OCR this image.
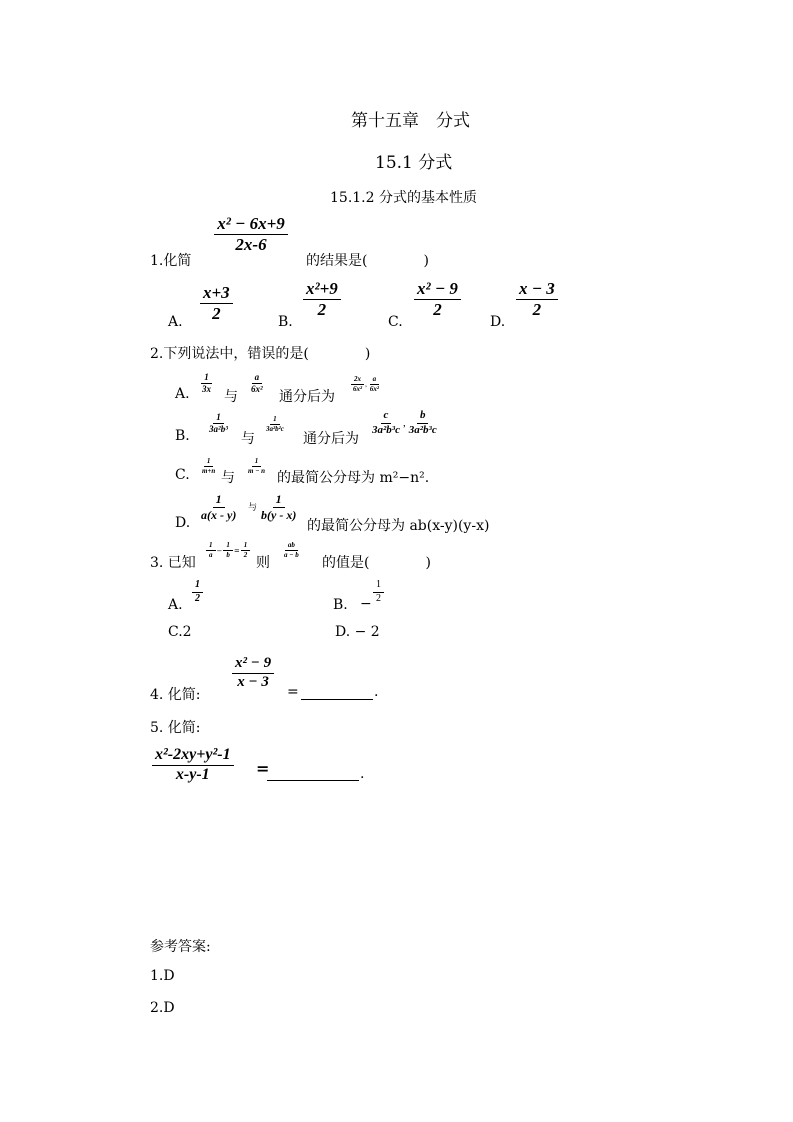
第十五章　分式
15.1 分式
15.1.2 分式的基本性质
1.化简
$\frac{\text{x² − 6x+9}}{2x-6}$
的结果是(　　　　)
A. $\frac{x+3}{2}$	B.
$\frac{\text{x²+9}}{2}$
C.
$\frac{\text{x² − 9}}{2}$
D.
$\frac{x - 3}{2}$
2.下列说法中，错误的是(　　　　)
A. $\frac{1}{3x}$
与
$\frac{a}{\text{6x²}}$
通分后为
$\frac{2x}{\text{6x²}}$ , $\frac{a}{\text{6x²}}$
B.
$\frac{1}{\text{3a²b³}}$
与
$\frac{1}{\text{3a²b²c}}$
通分后为
$\frac{c}{\text{3a²b³c}}$ , $\frac{b}{\text{3a²b³c}}$
C. $\frac{1}{m+n}$
与
$\frac{1}{m - n}$
的最简公分母为 m²−n².
D.
$\frac{1}{a(x - y)}$ 与 $\frac{1}{b(y - x)}$
的最简公分母为 ab(x-y)(y-x)
3. 已知
$\frac{1}{a} - \frac{1}{b} = \frac{1}{2}$
则
$\frac{ab}{a - b}$
的值是(　　　　)
A.
$\frac{1}{2}$
B. − $\frac{1}{2}$
C.2	D. − 2
4. 化简:
$\frac{\text{x² − 9}}{x - 3}$
=	.
5. 化简:
$\frac{\text{x²-2xy+y²-1}}{x-y-1}$ =	.
参考答案:
1.D
2.D
